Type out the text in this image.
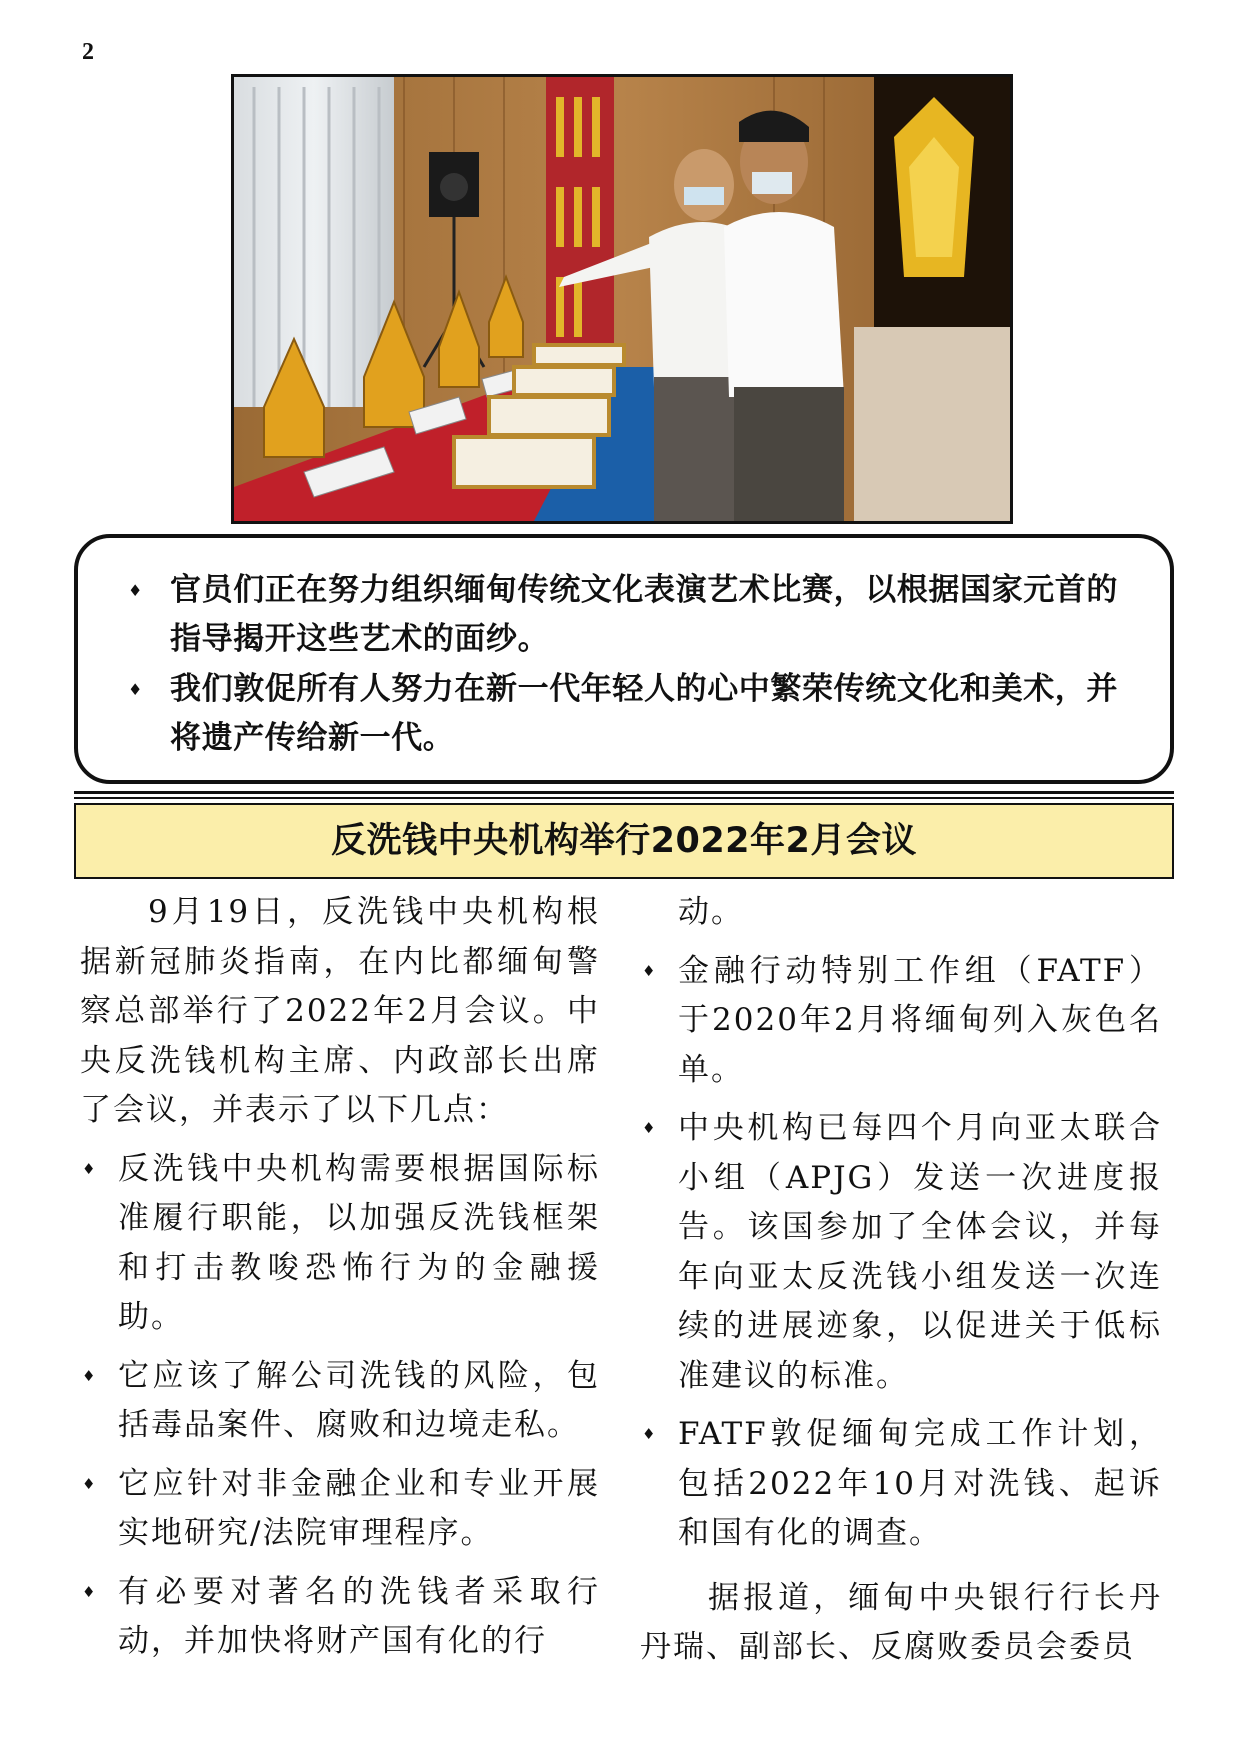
2
♦ 官员们正在努力组织缅甸传统文化表演艺术比赛，以根据国家元首的指导揭开这些艺术的面纱。
♦ 我们敦促所有人努力在新一代年轻人的心中繁荣传统文化和美术，并将遗产传给新一代。
反洗钱中央机构举行2022年2月会议

9月19日，反洗钱中央机构根据新冠肺炎指南，在内比都缅甸警察总部举行了2022年2月会议。中央反洗钱机构主席、内政部长出席了会议，并表示了以下几点：

♦ 反洗钱中央机构需要根据国际标准履行职能，以加强反洗钱框架和打击教唆恐怖行为的金融援助。
♦ 它应该了解公司洗钱的风险，包括毒品案件、腐败和边境走私。
♦ 它应针对非金融企业和专业开展实地研究/法院审理程序。
♦ 有必要对著名的洗钱者采取行动，并加快将财产国有化的行
动。
♦ 金融行动特别工作组（FATF）于2020年2月将缅甸列入灰色名单。
♦ 中央机构已每四个月向亚太联合小组（APJG）发送一次进度报告。该国参加了全体会议，并每年向亚太反洗钱小组发送一次连续的进展迹象，以促进关于低标准建议的标准。
♦ FATF敦促缅甸完成工作计划，包括2022年10月对洗钱、起诉和国有化的调查。

据报道，缅甸中央银行行长丹丹瑞、副部长、反腐败委员会委员
